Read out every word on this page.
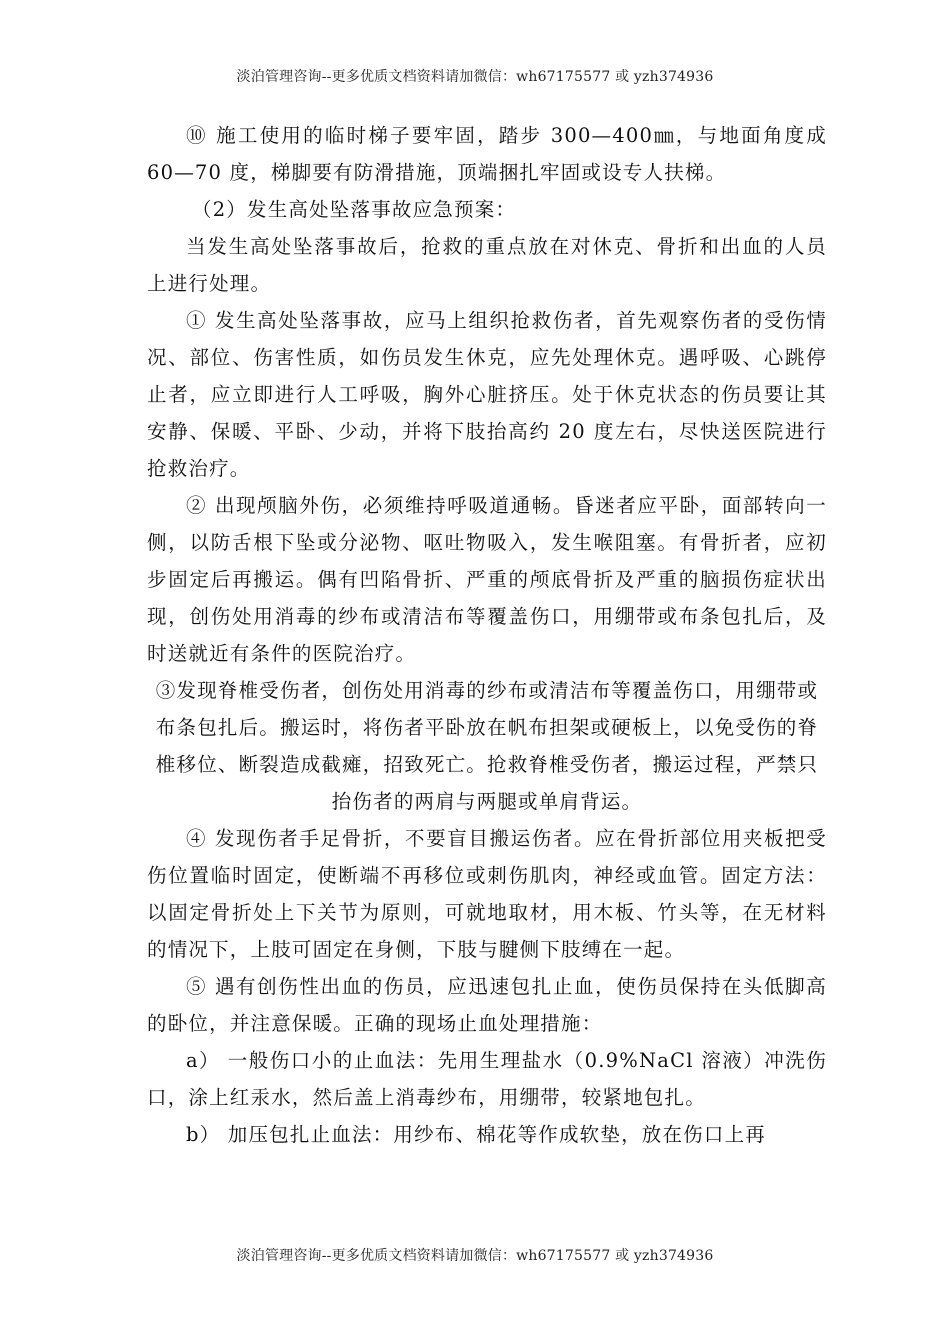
淡泊管理咨询--更多优质文档资料请加微信：wh67175577 或 yzh374936

⑩ 施工使用的临时梯子要牢固，踏步 300—400㎜，与地面角度成 60—70 度，梯脚要有防滑措施，顶端捆扎牢固或设专人扶梯。

（2）发生高处坠落事故应急预案：

当发生高处坠落事故后，抢救的重点放在对休克、骨折和出血的人员上进行处理。

① 发生高处坠落事故，应马上组织抢救伤者，首先观察伤者的受伤情况、部位、伤害性质，如伤员发生休克，应先处理休克。遇呼吸、心跳停止者，应立即进行人工呼吸，胸外心脏挤压。处于休克状态的伤员要让其安静、保暖、平卧、少动，并将下肢抬高约 20 度左右，尽快送医院进行抢救治疗。

② 出现颅脑外伤，必须维持呼吸道通畅。昏迷者应平卧，面部转向一侧，以防舌根下坠或分泌物、呕吐物吸入，发生喉阻塞。有骨折者，应初步固定后再搬运。偶有凹陷骨折、严重的颅底骨折及严重的脑损伤症状出现，创伤处用消毒的纱布或清洁布等覆盖伤口，用绷带或布条包扎后，及时送就近有条件的医院治疗。

③发现脊椎受伤者，创伤处用消毒的纱布或清洁布等覆盖伤口，用绷带或布条包扎后。搬运时，将伤者平卧放在帆布担架或硬板上，以免受伤的脊椎移位、断裂造成截瘫，招致死亡。抢救脊椎受伤者，搬运过程，严禁只抬伤者的两肩与两腿或单肩背运。

④ 发现伤者手足骨折，不要盲目搬运伤者。应在骨折部位用夹板把受伤位置临时固定，使断端不再移位或刺伤肌肉，神经或血管。固定方法：以固定骨折处上下关节为原则，可就地取材，用木板、竹头等，在无材料的情况下，上肢可固定在身侧，下肢与腱侧下肢缚在一起。

⑤ 遇有创伤性出血的伤员，应迅速包扎止血，使伤员保持在头低脚高的卧位，并注意保暖。正确的现场止血处理措施：

a） 一般伤口小的止血法：先用生理盐水（0.9%NaCl 溶液）冲洗伤口，涂上红汞水，然后盖上消毒纱布，用绷带，较紧地包扎。

b） 加压包扎止血法：用纱布、棉花等作成软垫，放在伤口上再

淡泊管理咨询--更多优质文档资料请加微信：wh67175577 或 yzh374936
